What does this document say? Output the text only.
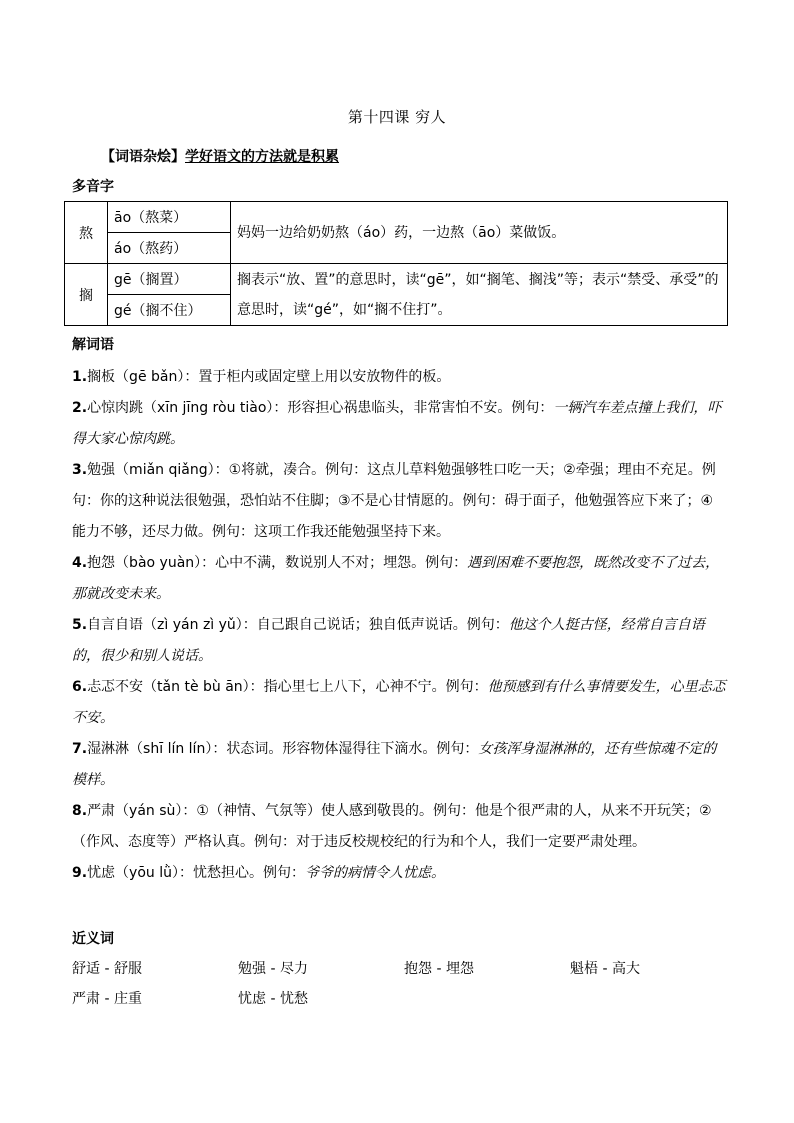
第十四课 穷人
【词语杂烩】学好语文的方法就是积累
多音字
熬	āo（熬菜）	妈妈一边给奶奶熬（áo）药，一边熬（āo）菜做饭。
	áo（熬药）	
搁	gē（搁置）	搁表示“放、置”的意思时，读“gē”，如“搁笔、搁浅”等；表示“禁受、承受”的意思时，读“gé”，如“搁不住打”。
	gé（搁不住）	
解词语

1.搁板（gē bǎn）：置于柜内或固定壁上用以安放物件的板。

2.心惊肉跳（xīn jīng ròu tiào）：形容担心祸患临头，非常害怕不安。例句：一辆汽车差点撞上我们，吓得大家心惊肉跳。

3.勉强（miǎn qiǎng）：①将就，凑合。例句：这点儿草料勉强够牲口吃一天；②牵强；理由不充足。例句：你的这种说法很勉强，恐怕站不住脚；③不是心甘情愿的。例句：碍于面子，他勉强答应下来了；④能力不够，还尽力做。例句：这项工作我还能勉强坚持下来。

4.抱怨（bào yuàn）：心中不满，数说别人不对；埋怨。例句：遇到困难不要抱怨，既然改变不了过去，那就改变未来。

5.自言自语（zì yán zì yǔ）：自己跟自己说话；独自低声说话。例句：他这个人挺古怪，经常自言自语的，很少和别人说话。

6.忐忑不安（tǎn tè bù ān）：指心里七上八下，心神不宁。例句：他预感到有什么事情要发生，心里忐忑不安。

7.湿淋淋（shī lín lín）：状态词。形容物体湿得往下滴水。例句：女孩浑身湿淋淋的，还有些惊魂不定的模样。

8.严肃（yán sù）：①（神情、气氛等）使人感到敬畏的。例句：他是个很严肃的人，从来不开玩笑；②（作风、态度等）严格认真。例句：对于违反校规校纪的行为和个人，我们一定要严肃处理。

9.忧虑（yōu lǜ）：忧愁担心。例句：爷爷的病情令人忧虑。

近义词
舒适 - 舒服	勉强 - 尽力	抱怨 - 埋怨	魁梧 - 高大
严肃 - 庄重	忧虑 - 忧愁
